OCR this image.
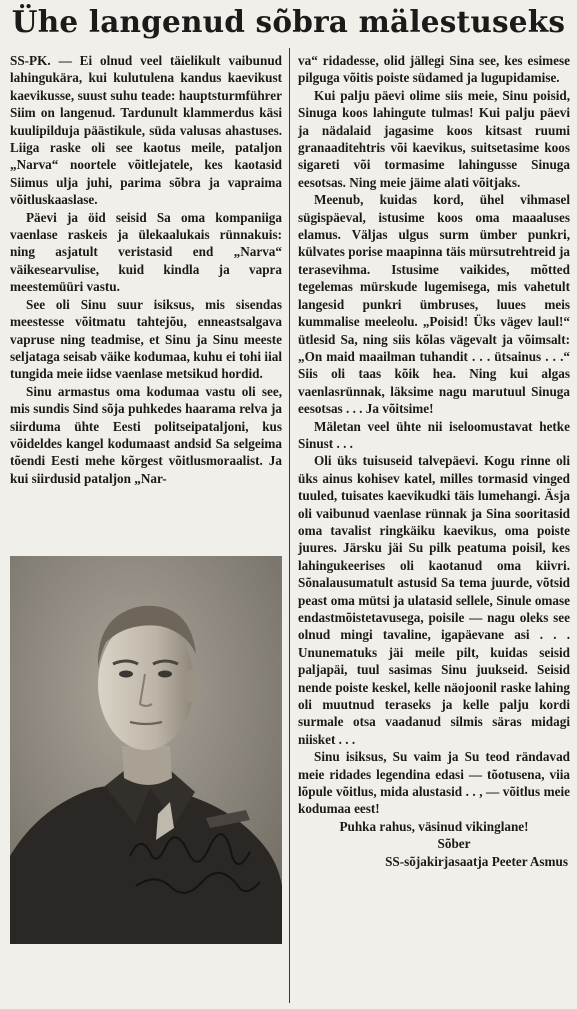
Ühe langenud sõbra mälestuseks

SS-PK. — Ei olnud veel täielikult vaibunud lahingukära, kui kulutulena kandus kaevikust kaevikusse, suust suhu teade: hauptsturmführer Siim on langenud. Tardunult klammerdus käsi kuulipilduja päästikule, süda valusas ahastuses. Liiga raske oli see kaotus meile, pataljon „Narva“ noortele võitlejatele, kes kaotasid Siimus ulja juhi, parima sõbra ja vapraima võitluskaaslase.

Päevi ja öid seisid Sa oma kompaniiga vaenlase raskeis ja ülekaalukais rünnakuis: ning asjatult veristasid end „Narva“ väikesearvulise, kuid kindla ja vapra meestemüüri vastu.

See oli Sinu suur isiksus, mis sisendas meestesse võitmatu tahtejõu, enneastsalgava vapruse ning teadmise, et Sinu ja Sinu meeste seljataga seisab väike kodumaa, kuhu ei tohi iial tungida meie iidse vaenlase metsikud hordid.

Sinu armastus oma kodumaa vastu oli see, mis sundis Sind sõja puhkedes haarama relva ja siirduma ühte Eesti politseipataljoni, kus võideldes kangel kodumaast andsid Sa selgeima tõendi Eesti mehe kõrgest võitlusmoraalist. Ja kui siirdusid pataljon „Nar-

va“ ridadesse, olid jällegi Sina see, kes esimese pilguga võitis poiste südamed ja lugupidamise.

Kui palju päevi olime siis meie, Sinu poisid, Sinuga koos lahingute tulmas! Kui palju päevi ja nädalaid jagasime koos kitsast ruumi granaaditehtris või kaevikus, suitsetasime koos sigareti või tormasime lahingusse Sinuga eesotsas. Ning meie jäime alati võitjaks.

Meenub, kuidas kord, ühel vihmasel sügispäeval, istusime koos oma maaaluses elamus. Väljas ulgus surm ümber punkri, külvates porise maapinna täis mürsutrehtreid ja terasevihma. Istusime vaikides, mõtted tegelemas mürskude lugemisega, mis vahetult langesid punkri ümbruses, luues meis kummalise meeleolu. „Poisid! Üks vägev laul!“ ütlesid Sa, ning siis kõlas vägevalt ja võimsalt: „On maid maailman tuhandit . . . ütsainus . . .“ Siis oli taas kõik hea. Ning kui algas vaenlasrünnak, läksime nagu marutuul Sinuga eesotsas . . . Ja võitsime!

Mäletan veel ühte nii iseloomustavat hetke Sinust . . .

Oli üks tuisuseid talvepäevi. Kogu rinne oli üks ainus kohisev katel, milles tormasid vinged tuuled, tuisates kaevikudki täis lumehangi. Äsja oli vaibunud vaenlase rünnak ja Sina sooritasid oma tavalist ringkäiku kaevikus, oma poiste juures. Järsku jäi Su pilk peatuma poisil, kes lahingukeerises oli kaotanud oma kiivri. Sõnalausumatult astusid Sa tema juurde, võtsid peast oma mütsi ja ulatasid sellele, Sinule omase endastmõistetavusega, poisile — nagu oleks see olnud mingi tavaline, igapäevane asi . . . Ununematuks jäi meile pilt, kuidas seisid paljapäi, tuul sasimas Sinu juukseid. Seisid nende poiste keskel, kelle näojoonil raske lahing oli muutnud teraseks ja kelle palju kordi surmale otsa vaadanud silmis säras midagi niisket . . .

Sinu isiksus, Su vaim ja Su teod rändavad meie ridades legendina edasi — tõotusena, viia lõpule võitlus, mida alustasid . . , — võitlus meie kodumaa eest!

Puhka rahus, väsinud vikinglane!

Sõber

SS-sõjakirjasaatja Peeter Asmus
